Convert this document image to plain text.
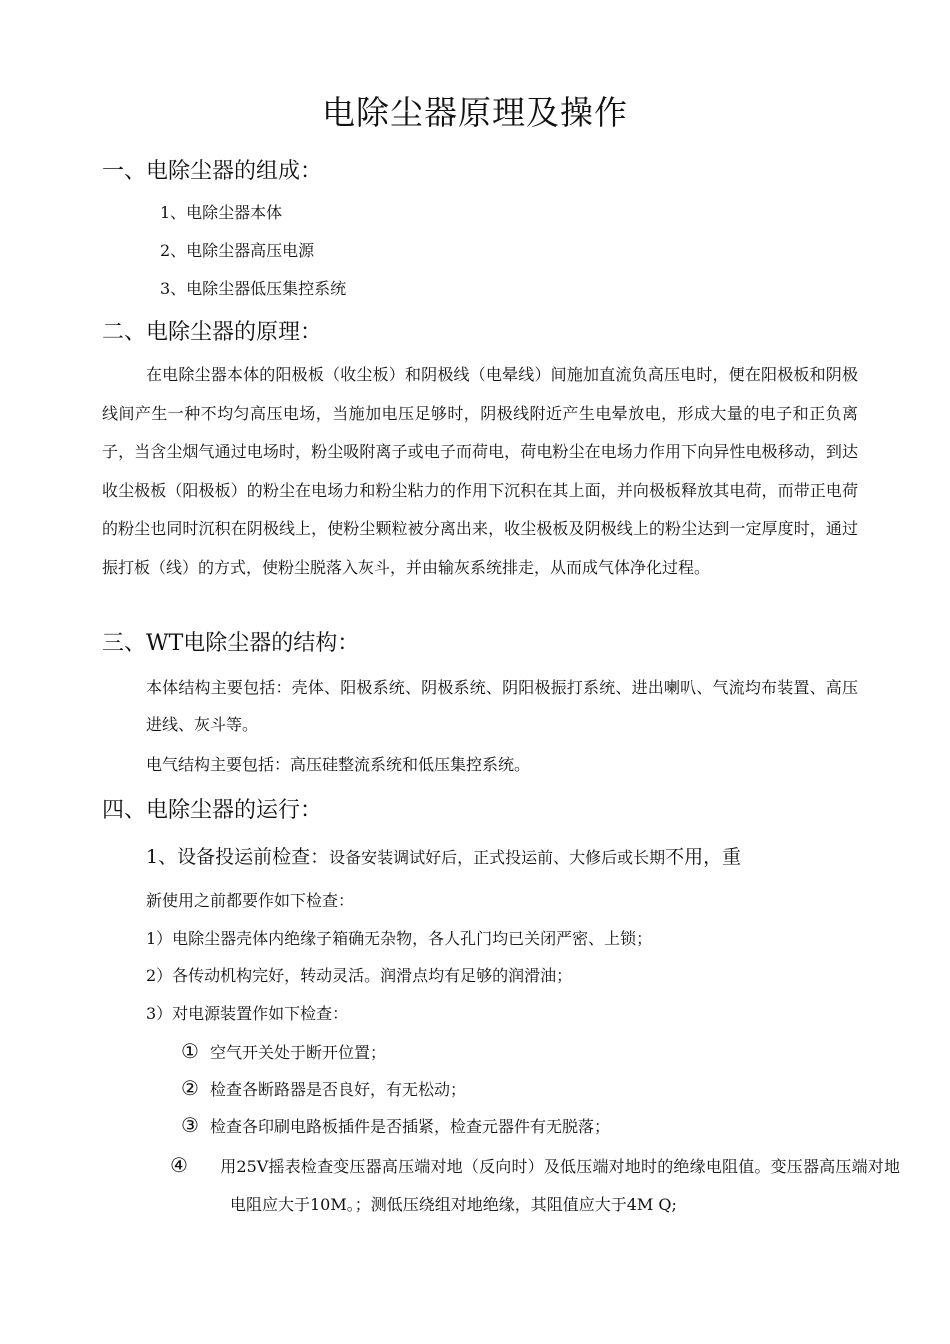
电除尘器原理及操作
一、电除尘器的组成：
1、电除尘器本体
2、电除尘器高压电源
3、电除尘器低压集控系统
二、电除尘器的原理：

在电除尘器本体的阳极板（收尘板）和阴极线（电晕线）间施加直流负高压电时，便在阳极板和阴极线间产生一种不均匀高压电场，当施加电压足够时，阴极线附近产生电晕放电，形成大量的电子和正负离子，当含尘烟气通过电场时，粉尘吸附离子或电子而荷电，荷电粉尘在电场力作用下向异性电极移动，到达收尘极板（阳极板）的粉尘在电场力和粉尘粘力的作用下沉积在其上面，并向极板释放其电荷，而带正电荷的粉尘也同时沉积在阴极线上，使粉尘颗粒被分离出来，收尘极板及阴极线上的粉尘达到一定厚度时，通过振打板（线）的方式，使粉尘脱落入灰斗，并由输灰系统排走，从而成气体净化过程。

三、WT电除尘器的结构：

本体结构主要包括：壳体、阳极系统、阴极系统、阴阳极振打系统、进出喇叭、气流均布装置、高压进线、灰斗等。

电气结构主要包括：高压硅整流系统和低压集控系统。
四、电除尘器的运行：
1、设备投运前检查：设备安装调试好后，正式投运前、大修后或长期不用，重
新使用之前都要作如下检查：
1）电除尘器壳体内绝缘子箱确无杂物，各人孔门均已关闭严密、上锁；
2）各传动机构完好，转动灵活。润滑点均有足够的润滑油；
3）对电源装置作如下检查：
① 空气开关处于断开位置；
② 检查各断路器是否良好，有无松动；
③ 检查各印刷电路板插件是否插紧，检查元器件有无脱落；
④ 用25V摇表检查变压器高压端对地（反向时）及低压端对地时的绝缘电阻值。变压器高压端对地电阻应大于10M。；测低压绕组对地绝缘，其阻值应大于4M Q;
